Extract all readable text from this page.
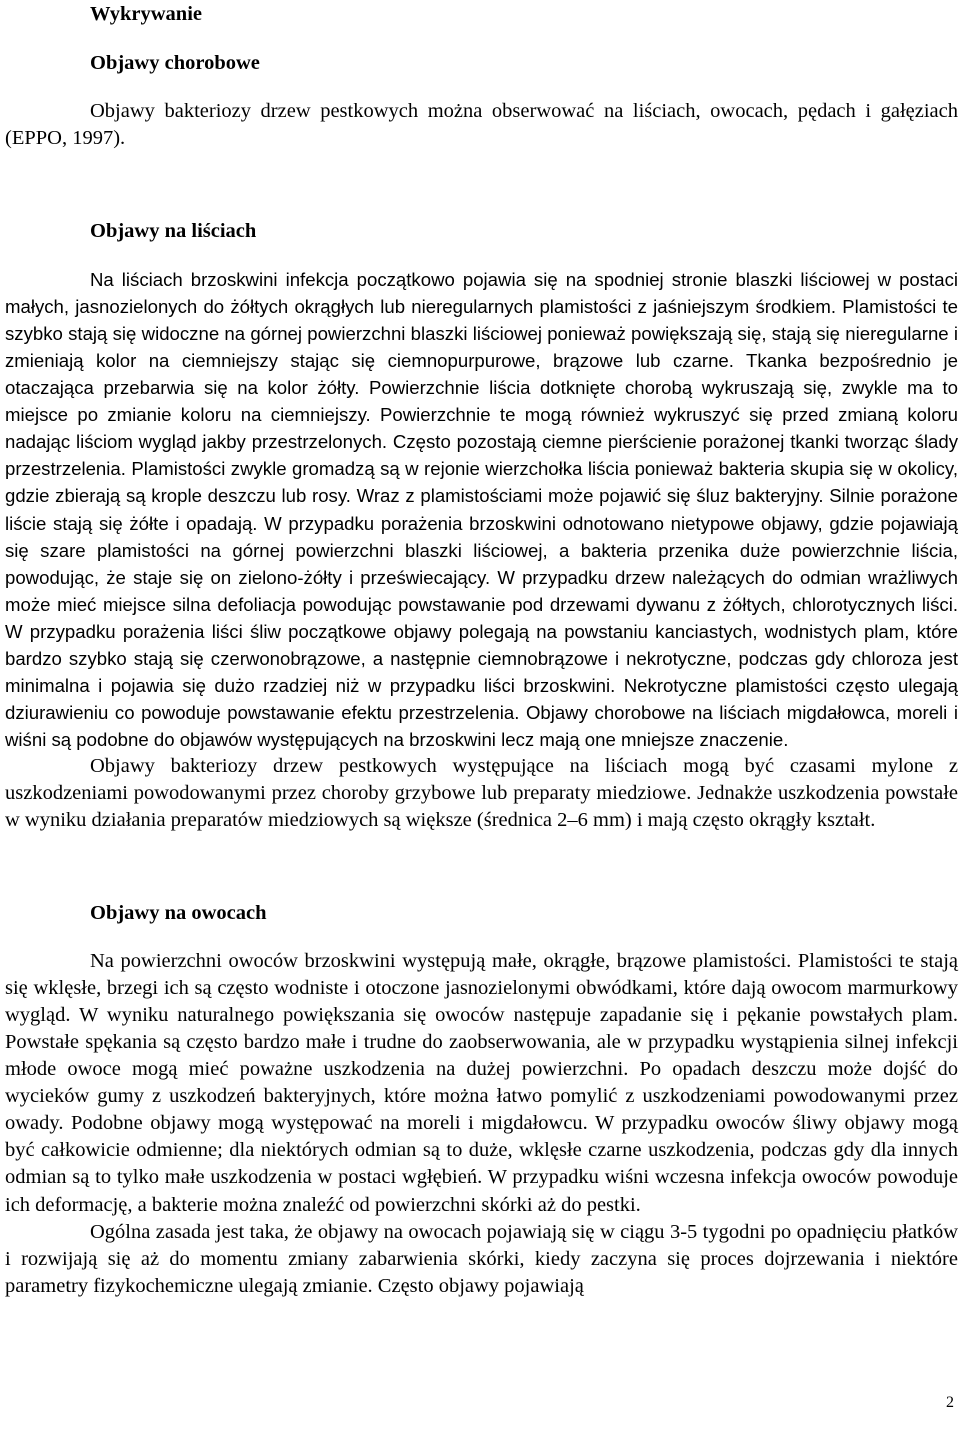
Wykrywanie
Objawy chorobowe

Objawy bakteriozy drzew pestkowych można obserwować na liściach, owocach, pędach i gałęziach (EPPO, 1997).

Objawy na liściach

Na liściach brzoskwini infekcja początkowo pojawia się na spodniej stronie blaszki liściowej w postaci małych, jasnozielonych do żółtych okrągłych lub nieregularnych plamistości z jaśniejszym środkiem. Plamistości te szybko stają się widoczne na górnej powierzchni blaszki liściowej ponieważ powiększają się, stają się nieregularne i zmieniają kolor na ciemniejszy stając się ciemnopurpurowe, brązowe lub czarne. Tkanka bezpośrednio je otaczająca przebarwia się na kolor żółty. Powierzchnie liścia dotknięte chorobą wykruszają się, zwykle ma to miejsce po zmianie koloru na ciemniejszy. Powierzchnie te mogą również wykruszyć się przed zmianą koloru nadając liściom wygląd jakby przestrzelonych. Często pozostają ciemne pierścienie porażonej tkanki tworząc ślady przestrzelenia. Plamistości zwykle gromadzą są w rejonie wierzchołka liścia ponieważ bakteria skupia się w okolicy, gdzie zbierają są krople deszczu lub rosy. Wraz z plamistościami może pojawić się śluz bakteryjny. Silnie porażone liście stają się żółte i opadają. W przypadku porażenia brzoskwini odnotowano nietypowe objawy, gdzie pojawiają się szare plamistości na górnej powierzchni blaszki liściowej, a bakteria przenika duże powierzchnie liścia, powodując, że staje się on zielono-żółty i przeświecający. W przypadku drzew należących do odmian wrażliwych może mieć miejsce silna defoliacja powodując powstawanie pod drzewami dywanu z żółtych, chlorotycznych liści. W przypadku porażenia liści śliw początkowe objawy polegają na powstaniu kanciastych, wodnistych plam, które bardzo szybko stają się czerwonobrązowe, a następnie ciemnobrązowe i nekrotyczne, podczas gdy chloroza jest minimalna i pojawia się dużo rzadziej niż w przypadku liści brzoskwini. Nekrotyczne plamistości często ulegają dziurawieniu co powoduje powstawanie efektu przestrzelenia. Objawy chorobowe na liściach migdałowca, moreli i wiśni są podobne do objawów występujących na brzoskwini lecz mają one mniejsze znaczenie.

Objawy bakteriozy drzew pestkowych występujące na liściach mogą być czasami mylone z uszkodzeniami powodowanymi przez choroby grzybowe lub preparaty miedziowe. Jednakże uszkodzenia powstałe w wyniku działania preparatów miedziowych są większe (średnica 2–6 mm) i mają często okrągły kształt.

Objawy na owocach

Na powierzchni owoców brzoskwini występują małe, okrągłe, brązowe plamistości. Plamistości te stają się wklęsłe, brzegi ich są często wodniste i otoczone jasnozielonymi obwódkami, które dają owocom marmurkowy wygląd. W wyniku naturalnego powiększania się owoców następuje zapadanie się i pękanie powstałych plam. Powstałe spękania są często bardzo małe i trudne do zaobserwowania, ale w przypadku wystąpienia silnej infekcji młode owoce mogą mieć poważne uszkodzenia na dużej powierzchni. Po opadach deszczu może dojść do wycieków gumy z uszkodzeń bakteryjnych, które można łatwo pomylić z uszkodzeniami powodowanymi przez owady. Podobne objawy mogą występować na moreli i migdałowcu. W przypadku owoców śliwy objawy mogą być całkowicie odmienne; dla niektórych odmian są to duże, wklęsłe czarne uszkodzenia, podczas gdy dla innych odmian są to tylko małe uszkodzenia w postaci wgłębień. W przypadku wiśni wczesna infekcja owoców powoduje ich deformację, a bakterie można znaleźć od powierzchni skórki aż do pestki.

Ogólna zasada jest taka, że objawy na owocach pojawiają się w ciągu 3-5 tygodni po opadnięciu płatków i rozwijają się aż do momentu zmiany zabarwienia skórki, kiedy zaczyna się proces dojrzewania i niektóre parametry fizykochemiczne ulegają zmianie. Często objawy pojawiają

2
